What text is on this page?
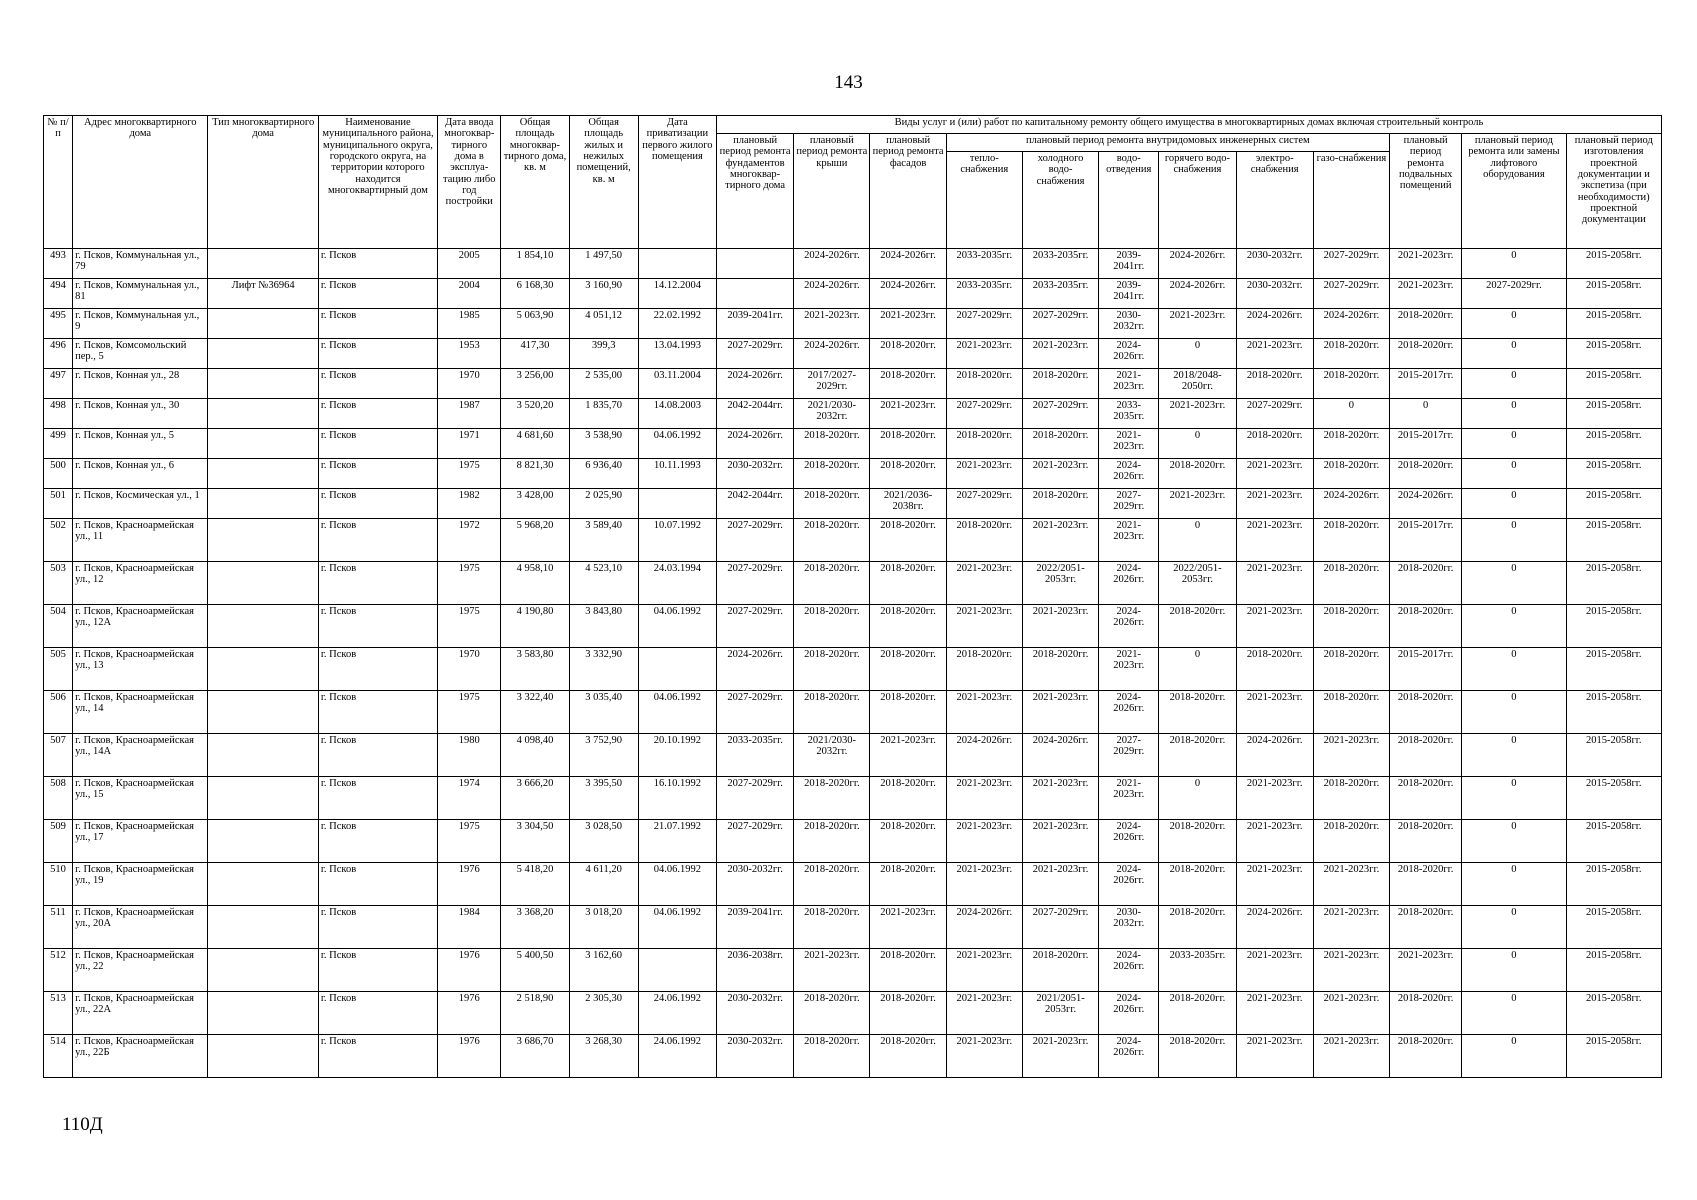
143
№ п/п	Адрес многоквартирного дома	Тип многоквартирного дома	Наименование муниципального района, муниципального округа, городского округа, на территории которого находится многоквартирный дом	Дата ввода многоквар-тирного дома в эксплуа-тацию либо год постройки	Общая площадь многоквар-тирного дома, кв. м	Общая площадь жилых и нежилых помещений, кв. м	Дата приватизации первого жилого помещения	Виды услуг и (или) работ по капитальному ремонту общего имущества в многоквартирных домах включая строительный контроль											
								плановый период ремонта фундаментов многоквар-тирного дома	плановый период ремонта крыши	плановый период ремонта фасадов	плановый период ремонта внутридомовых инженерных систем						плановый период ремонта подвальных помещений	плановый период ремонта или замены лифтового оборудования	плановый период изготовления проектной документации и экспетиза (при необходимости) проектной документации
											тепло-снабжения	холодного водо-снабжения	водо-отведения	горячего водо-снабжения	электро-снабжения	газо-снабжения			
493	г. Псков, Коммунальная ул., 79		г. Псков	2005	1 854,10	1 497,50			2024-2026гг.	2024-2026гг.	2033-2035гг.	2033-2035гг.	2039-2041гг.	2024-2026гг.	2030-2032гг.	2027-2029гг.	2021-2023гг.	0	2015-2058гг.
494	г. Псков, Коммунальная ул., 81	Лифт №36964	г. Псков	2004	6 168,30	3 160,90	14.12.2004		2024-2026гг.	2024-2026гг.	2033-2035гг.	2033-2035гг.	2039-2041гг.	2024-2026гг.	2030-2032гг.	2027-2029гг.	2021-2023гг.	2027-2029гг.	2015-2058гг.
495	г. Псков, Коммунальная ул., 9		г. Псков	1985	5 063,90	4 051,12	22.02.1992	2039-2041гг.	2021-2023гг.	2021-2023гг.	2027-2029гг.	2027-2029гг.	2030-2032гг.	2021-2023гг.	2024-2026гг.	2024-2026гг.	2018-2020гг.	0	2015-2058гг.
496	г. Псков, Комсомольский пер., 5		г. Псков	1953	417,30	399,3	13.04.1993	2027-2029гг.	2024-2026гг.	2018-2020гг.	2021-2023гг.	2021-2023гг.	2024-2026гг.	0	2021-2023гг.	2018-2020гг.	2018-2020гг.	0	2015-2058гг.
497	г. Псков, Конная ул., 28		г. Псков	1970	3 256,00	2 535,00	03.11.2004	2024-2026гг.	2017/2027-2029гг.	2018-2020гг.	2018-2020гг.	2018-2020гг.	2021-2023гг.	2018/2048-2050гг.	2018-2020гг.	2018-2020гг.	2015-2017гг.	0	2015-2058гг.
498	г. Псков, Конная ул., 30		г. Псков	1987	3 520,20	1 835,70	14.08.2003	2042-2044гг.	2021/2030-2032гг.	2021-2023гг.	2027-2029гг.	2027-2029гг.	2033-2035гг.	2021-2023гг.	2027-2029гг.	0	0	0	2015-2058гг.
499	г. Псков, Конная ул., 5		г. Псков	1971	4 681,60	3 538,90	04.06.1992	2024-2026гг.	2018-2020гг.	2018-2020гг.	2018-2020гг.	2018-2020гг.	2021-2023гг.	0	2018-2020гг.	2018-2020гг.	2015-2017гг.	0	2015-2058гг.
500	г. Псков, Конная ул., 6		г. Псков	1975	8 821,30	6 936,40	10.11.1993	2030-2032гг.	2018-2020гг.	2018-2020гг.	2021-2023гг.	2021-2023гг.	2024-2026гг.	2018-2020гг.	2021-2023гг.	2018-2020гг.	2018-2020гг.	0	2015-2058гг.
501	г. Псков, Космическая ул., 1		г. Псков	1982	3 428,00	2 025,90		2042-2044гг.	2018-2020гг.	2021/2036-2038гг.	2027-2029гг.	2018-2020гг.	2027-2029гг.	2021-2023гг.	2021-2023гг.	2024-2026гг.	2024-2026гг.	0	2015-2058гг.
502	г. Псков, Красноармейская ул., 11		г. Псков	1972	5 968,20	3 589,40	10.07.1992	2027-2029гг.	2018-2020гг.	2018-2020гг.	2018-2020гг.	2021-2023гг.	2021-2023гг.	0	2021-2023гг.	2018-2020гг.	2015-2017гг.	0	2015-2058гг.
503	г. Псков, Красноармейская ул., 12		г. Псков	1975	4 958,10	4 523,10	24.03.1994	2027-2029гг.	2018-2020гг.	2018-2020гг.	2021-2023гг.	2022/2051-2053гг.	2024-2026гг.	2022/2051-2053гг.	2021-2023гг.	2018-2020гг.	2018-2020гг.	0	2015-2058гг.
504	г. Псков, Красноармейская ул., 12А		г. Псков	1975	4 190,80	3 843,80	04.06.1992	2027-2029гг.	2018-2020гг.	2018-2020гг.	2021-2023гг.	2021-2023гг.	2024-2026гг.	2018-2020гг.	2021-2023гг.	2018-2020гг.	2018-2020гг.	0	2015-2058гг.
505	г. Псков, Красноармейская ул., 13		г. Псков	1970	3 583,80	3 332,90		2024-2026гг.	2018-2020гг.	2018-2020гг.	2018-2020гг.	2018-2020гг.	2021-2023гг.	0	2018-2020гг.	2018-2020гг.	2015-2017гг.	0	2015-2058гг.
506	г. Псков, Красноармейская ул., 14		г. Псков	1975	3 322,40	3 035,40	04.06.1992	2027-2029гг.	2018-2020гг.	2018-2020гг.	2021-2023гг.	2021-2023гг.	2024-2026гг.	2018-2020гг.	2021-2023гг.	2018-2020гг.	2018-2020гг.	0	2015-2058гг.
507	г. Псков, Красноармейская ул., 14А		г. Псков	1980	4 098,40	3 752,90	20.10.1992	2033-2035гг.	2021/2030-2032гг.	2021-2023гг.	2024-2026гг.	2024-2026гг.	2027-2029гг.	2018-2020гг.	2024-2026гг.	2021-2023гг.	2018-2020гг.	0	2015-2058гг.
508	г. Псков, Красноармейская ул., 15		г. Псков	1974	3 666,20	3 395,50	16.10.1992	2027-2029гг.	2018-2020гг.	2018-2020гг.	2021-2023гг.	2021-2023гг.	2021-2023гг.	0	2021-2023гг.	2018-2020гг.	2018-2020гг.	0	2015-2058гг.
509	г. Псков, Красноармейская ул., 17		г. Псков	1975	3 304,50	3 028,50	21.07.1992	2027-2029гг.	2018-2020гг.	2018-2020гг.	2021-2023гг.	2021-2023гг.	2024-2026гг.	2018-2020гг.	2021-2023гг.	2018-2020гг.	2018-2020гг.	0	2015-2058гг.
510	г. Псков, Красноармейская ул., 19		г. Псков	1976	5 418,20	4 611,20	04.06.1992	2030-2032гг.	2018-2020гг.	2018-2020гг.	2021-2023гг.	2021-2023гг.	2024-2026гг.	2018-2020гг.	2021-2023гг.	2021-2023гг.	2018-2020гг.	0	2015-2058гг.
511	г. Псков, Красноармейская ул., 20А		г. Псков	1984	3 368,20	3 018,20	04.06.1992	2039-2041гг.	2018-2020гг.	2021-2023гг.	2024-2026гг.	2027-2029гг.	2030-2032гг.	2018-2020гг.	2024-2026гг.	2021-2023гг.	2018-2020гг.	0	2015-2058гг.
512	г. Псков, Красноармейская ул., 22		г. Псков	1976	5 400,50	3 162,60		2036-2038гг.	2021-2023гг.	2018-2020гг.	2021-2023гг.	2018-2020гг.	2024-2026гг.	2033-2035гг.	2021-2023гг.	2021-2023гг.	2021-2023гг.	0	2015-2058гг.
513	г. Псков, Красноармейская ул., 22А		г. Псков	1976	2 518,90	2 305,30	24.06.1992	2030-2032гг.	2018-2020гг.	2018-2020гг.	2021-2023гг.	2021/2051-2053гг.	2024-2026гг.	2018-2020гг.	2021-2023гг.	2021-2023гг.	2018-2020гг.	0	2015-2058гг.
514	г. Псков, Красноармейская ул., 22Б		г. Псков	1976	3 686,70	3 268,30	24.06.1992	2030-2032гг.	2018-2020гг.	2018-2020гг.	2021-2023гг.	2021-2023гг.	2024-2026гг.	2018-2020гг.	2021-2023гг.	2021-2023гг.	2018-2020гг.	0	2015-2058гг.
110Д
